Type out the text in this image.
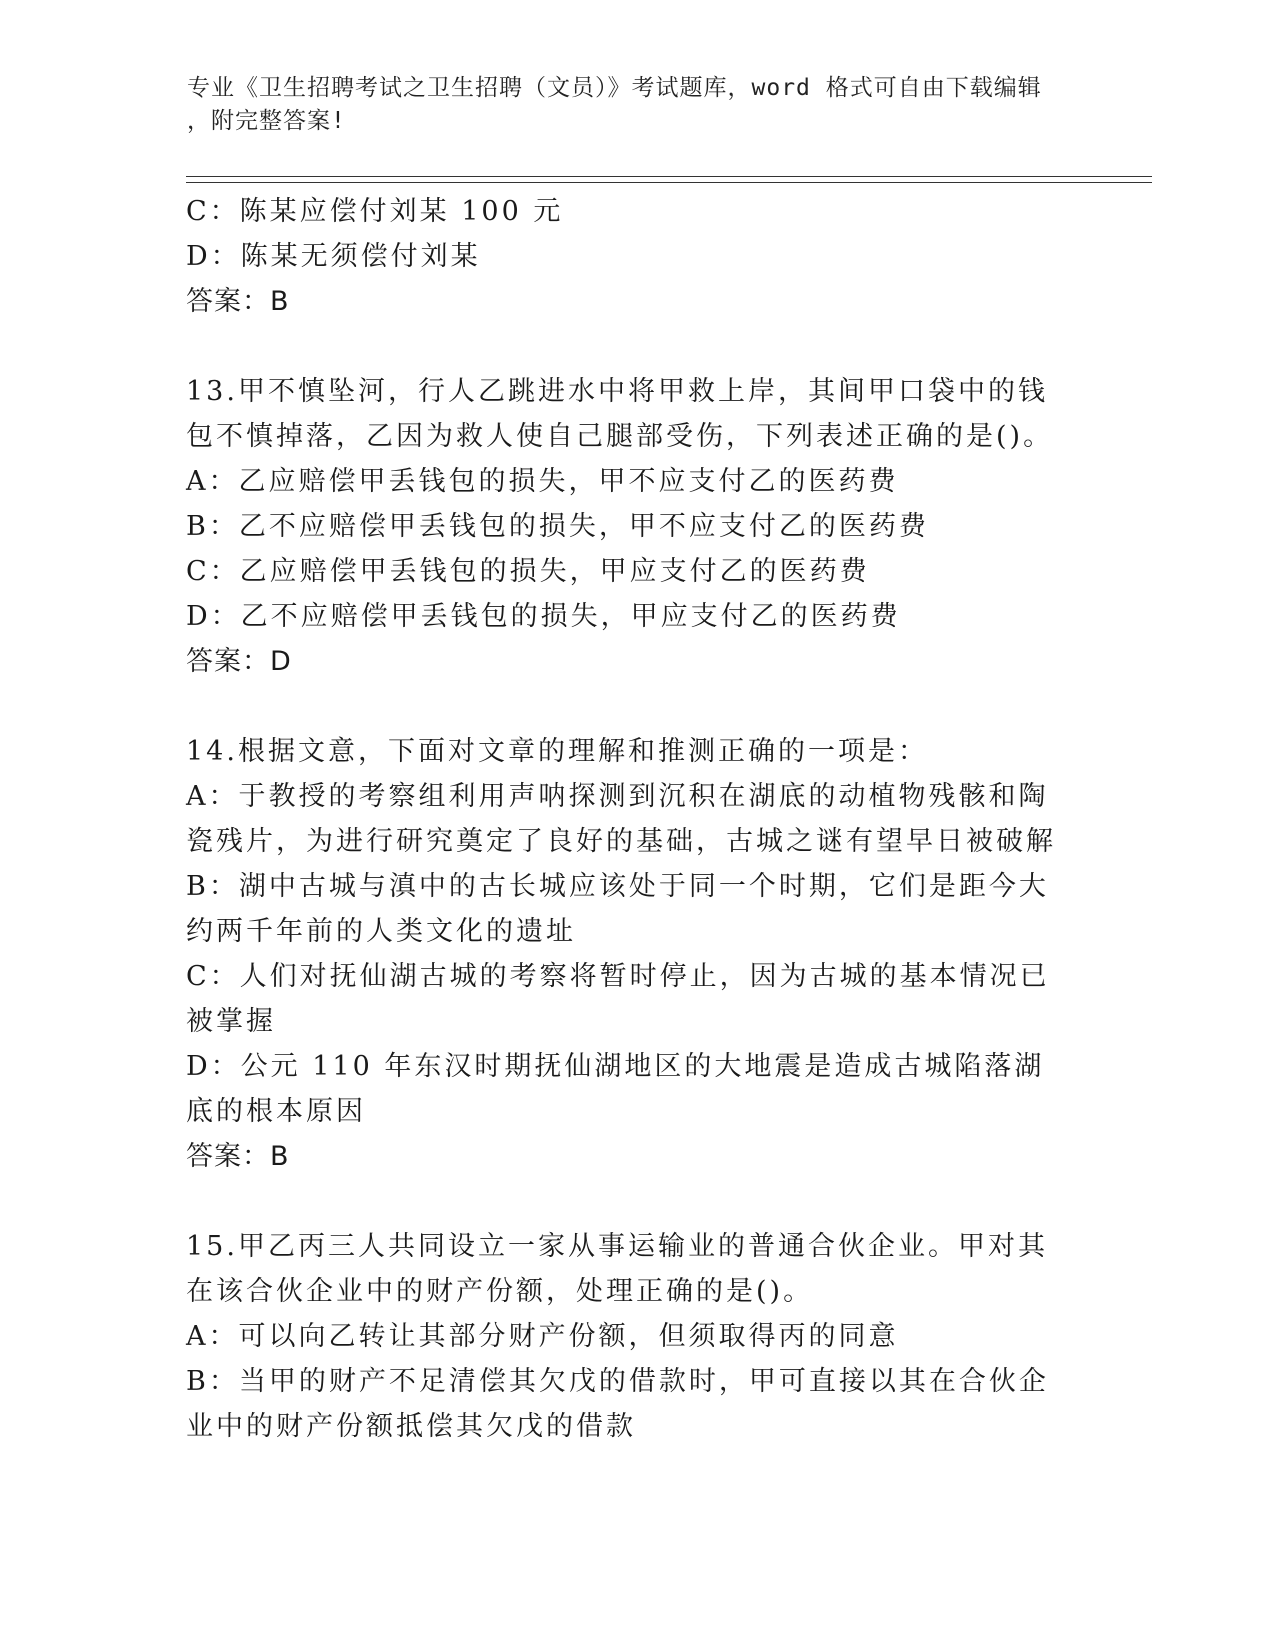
专业《卫生招聘考试之卫生招聘（文员）》考试题库，word 格式可自由下载编辑
，附完整答案!
C：陈某应偿付刘某 100 元
D：陈某无须偿付刘某
答案：B
13.甲不慎坠河，行人乙跳进水中将甲救上岸，其间甲口袋中的钱包不慎掉落，乙因为救人使自己腿部受伤，下列表述正确的是()。
A：乙应赔偿甲丢钱包的损失，甲不应支付乙的医药费
B：乙不应赔偿甲丢钱包的损失，甲不应支付乙的医药费
C：乙应赔偿甲丢钱包的损失，甲应支付乙的医药费
D：乙不应赔偿甲丢钱包的损失，甲应支付乙的医药费
答案：D
14.根据文意，下面对文章的理解和推测正确的一项是：
A：于教授的考察组利用声呐探测到沉积在湖底的动植物残骸和陶瓷残片，为进行研究奠定了良好的基础，古城之谜有望早日被破解
B：湖中古城与滇中的古长城应该处于同一个时期，它们是距今大约两千年前的人类文化的遗址
C：人们对抚仙湖古城的考察将暂时停止，因为古城的基本情况已被掌握
D：公元 110 年东汉时期抚仙湖地区的大地震是造成古城陷落湖底的根本原因
答案：B
15.甲乙丙三人共同设立一家从事运输业的普通合伙企业。甲对其在该合伙企业中的财产份额，处理正确的是()。
A：可以向乙转让其部分财产份额，但须取得丙的同意
B：当甲的财产不足清偿其欠戊的借款时，甲可直接以其在合伙企业中的财产份额抵偿其欠戊的借款
